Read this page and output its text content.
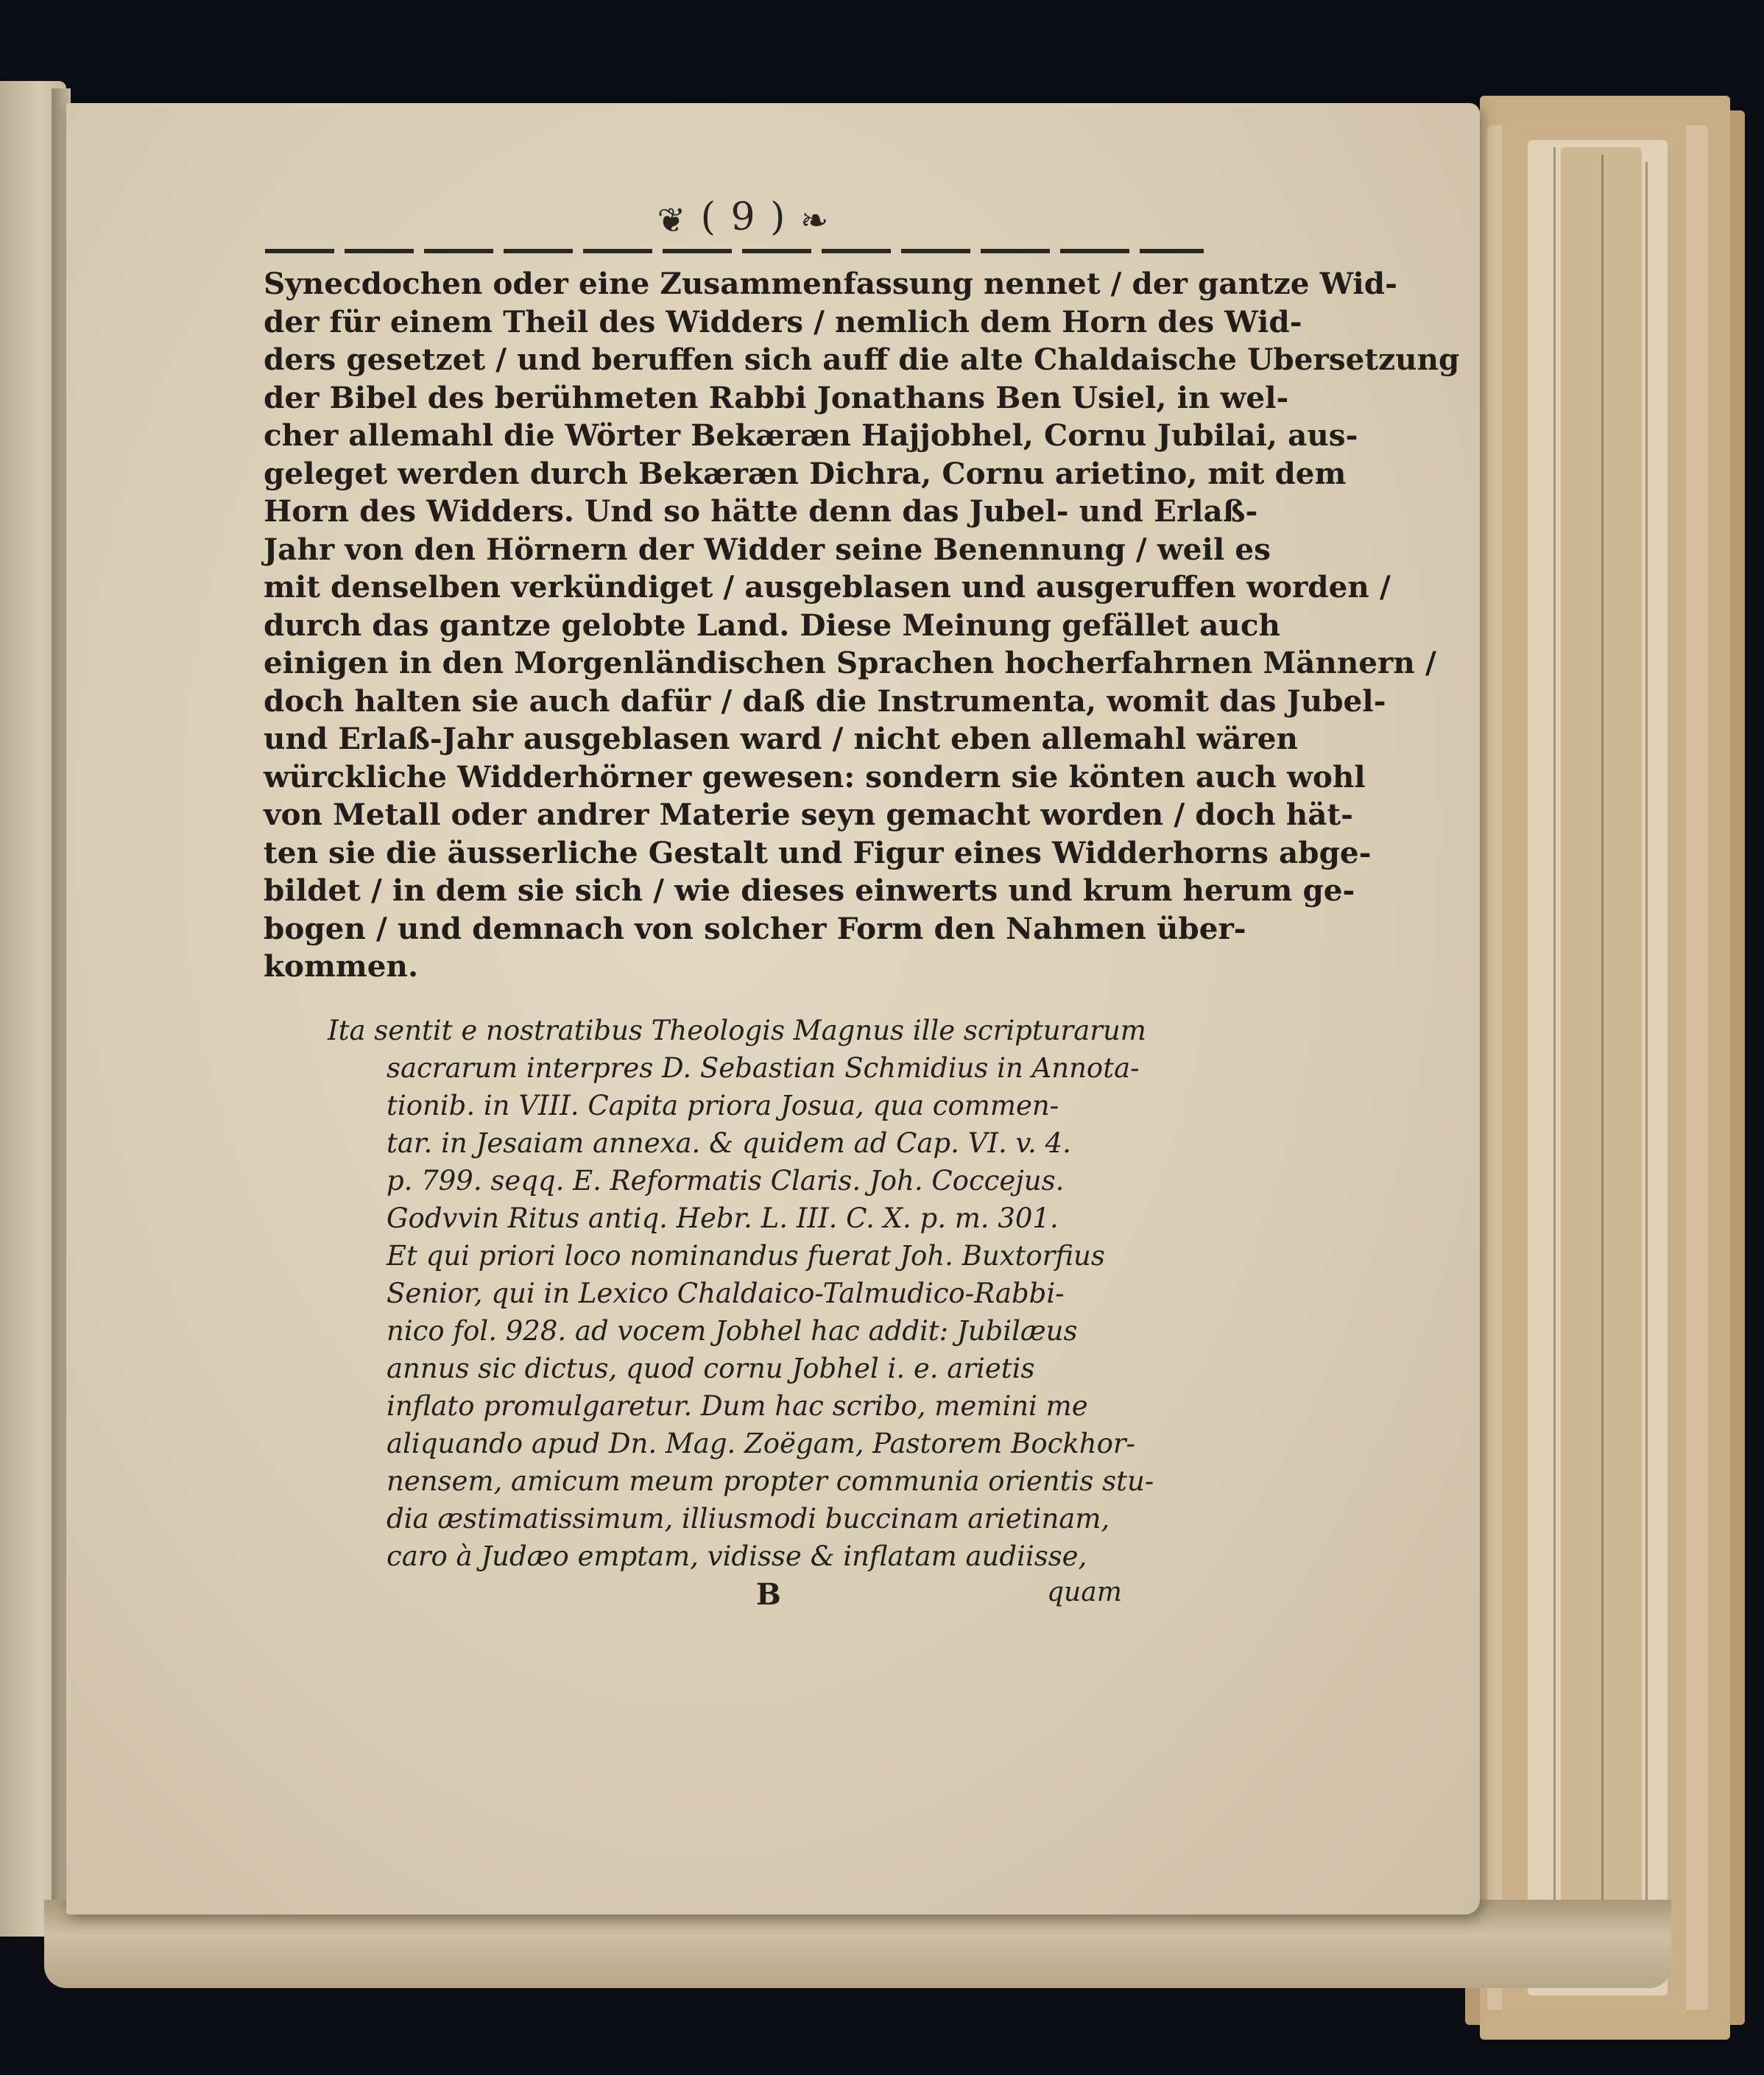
❦ ( 9 ) ❧
Synecdochen oder eine Zusammenfassung nennet / der gantze Wid-
der für einem Theil des Widders / nemlich dem Horn des Wid-
ders gesetzet / und beruffen sich auff die alte Chaldaische Ubersetzung
der Bibel des berühmeten Rabbi Jonathans Ben Usiel, in wel-
cher allemahl die Wörter Bekæræn Hajjobhel, Cornu Jubilai, aus-
geleget werden durch Bekæræn Dichra, Cornu arietino, mit dem
Horn des Widders. Und so hätte denn das Jubel- und Erlaß-
Jahr von den Hörnern der Widder seine Benennung / weil es
mit denselben verkündiget / ausgeblasen und ausgeruffen worden /
durch das gantze gelobte Land. Diese Meinung gefället auch
einigen in den Morgenländischen Sprachen hocherfahrnen Männern /
doch halten sie auch dafür / daß die Instrumenta, womit das Jubel-
und Erlaß-Jahr ausgeblasen ward / nicht eben allemahl wären
würckliche Widderhörner gewesen: sondern sie könten auch wohl
von Metall oder andrer Materie seyn gemacht worden / doch hät-
ten sie die äusserliche Gestalt und Figur eines Widderhorns abge-
bildet / in dem sie sich / wie dieses einwerts und krum herum ge-
bogen / und demnach von solcher Form den Nahmen über-
kommen.
Ita sentit e nostratibus Theologis Magnus ille scripturarum
sacrarum interpres D. Sebastian Schmidius in Annota-
tionib. in VIII. Capita priora Josua, qua commen-
tar. in Jesaiam annexa. & quidem ad Cap. VI. v. 4.
p. 799. seqq. E. Reformatis Claris. Joh. Coccejus.
Godvvin Ritus antiq. Hebr. L. III. C. X. p. m. 301.
Et qui priori loco nominandus fuerat Joh. Buxtorfius
Senior, qui in Lexico Chaldaico-Talmudico-Rabbi-
nico fol. 928. ad vocem Jobhel hac addit: Jubilæus
annus sic dictus, quod cornu Jobhel i. e. arietis
inflato promulgaretur. Dum hac scribo, memini me
aliquando apud Dn. Mag. Zoëgam, Pastorem Bockhor-
nensem, amicum meum propter communia orientis stu-
dia æstimatissimum, illiusmodi buccinam arietinam,
caro à Judæo emptam, vidisse & inflatam audiisse,
B	quam
